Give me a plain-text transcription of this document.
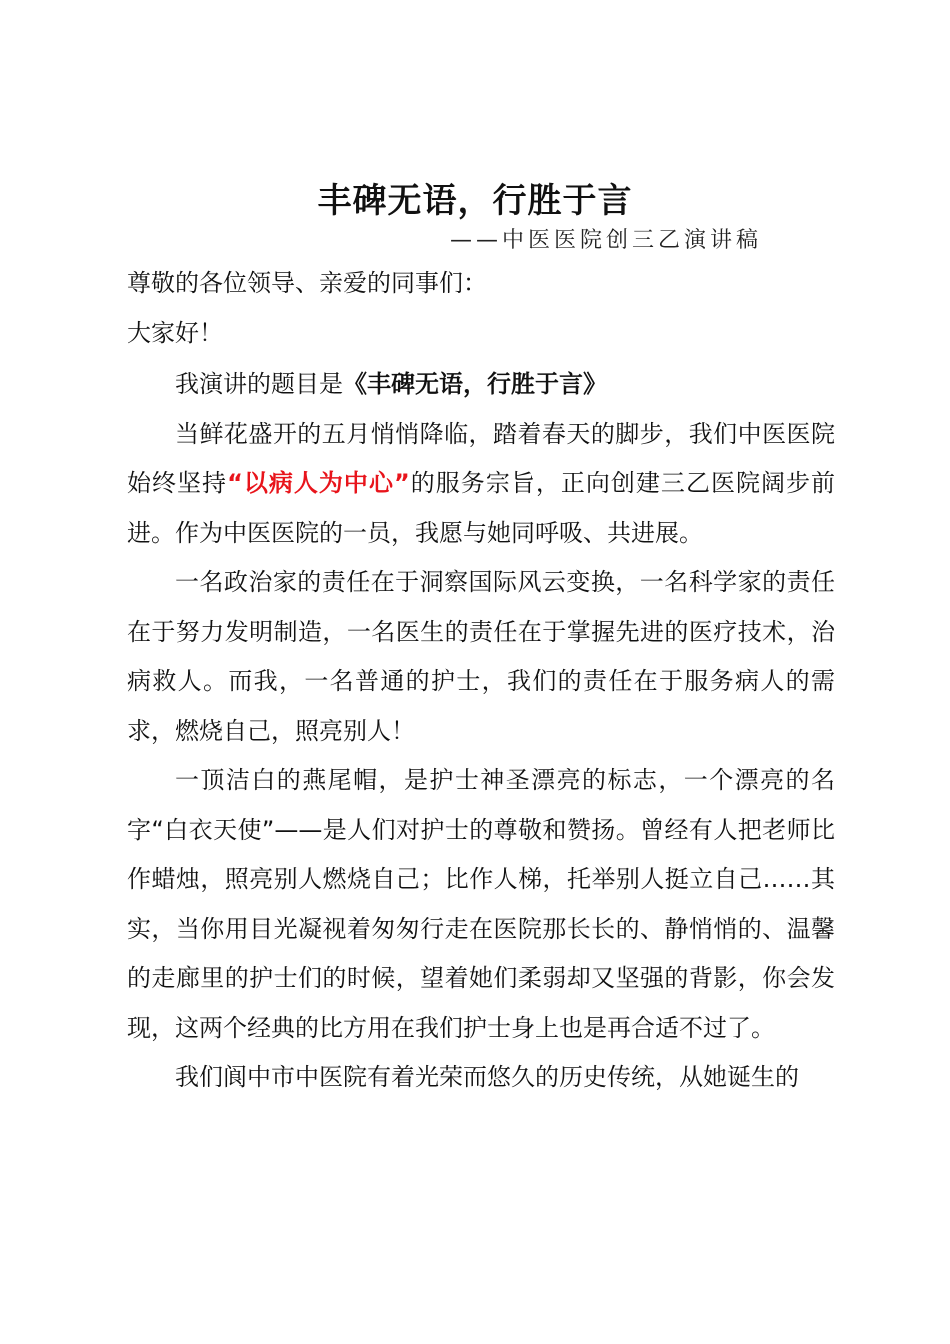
丰碑无语，行胜于言
——中医医院创三乙演讲稿

尊敬的各位领导、亲爱的同事们：

大家好！

我演讲的题目是《丰碑无语，行胜于言》

当鲜花盛开的五月悄悄降临，踏着春天的脚步，我们中医医院始终坚持“以病人为中心”的服务宗旨，正向创建三乙医院阔步前进。作为中医医院的一员，我愿与她同呼吸、共进展。

一名政治家的责任在于洞察国际风云变换，一名科学家的责任在于努力发明制造，一名医生的责任在于掌握先进的医疗技术，治病救人。而我，一名普通的护士，我们的责任在于服务病人的需求，燃烧自己，照亮别人！

一顶洁白的燕尾帽，是护士神圣漂亮的标志，一个漂亮的名字“白衣天使”——是人们对护士的尊敬和赞扬。曾经有人把老师比作蜡烛，照亮别人燃烧自己；比作人梯，托举别人挺立自己……其实，当你用目光凝视着匆匆行走在医院那长长的、静悄悄的、温馨的走廊里的护士们的时候，望着她们柔弱却又坚强的背影，你会发现，这两个经典的比方用在我们护士身上也是再合适不过了。

我们阆中市中医院有着光荣而悠久的历史传统，从她诞生的
